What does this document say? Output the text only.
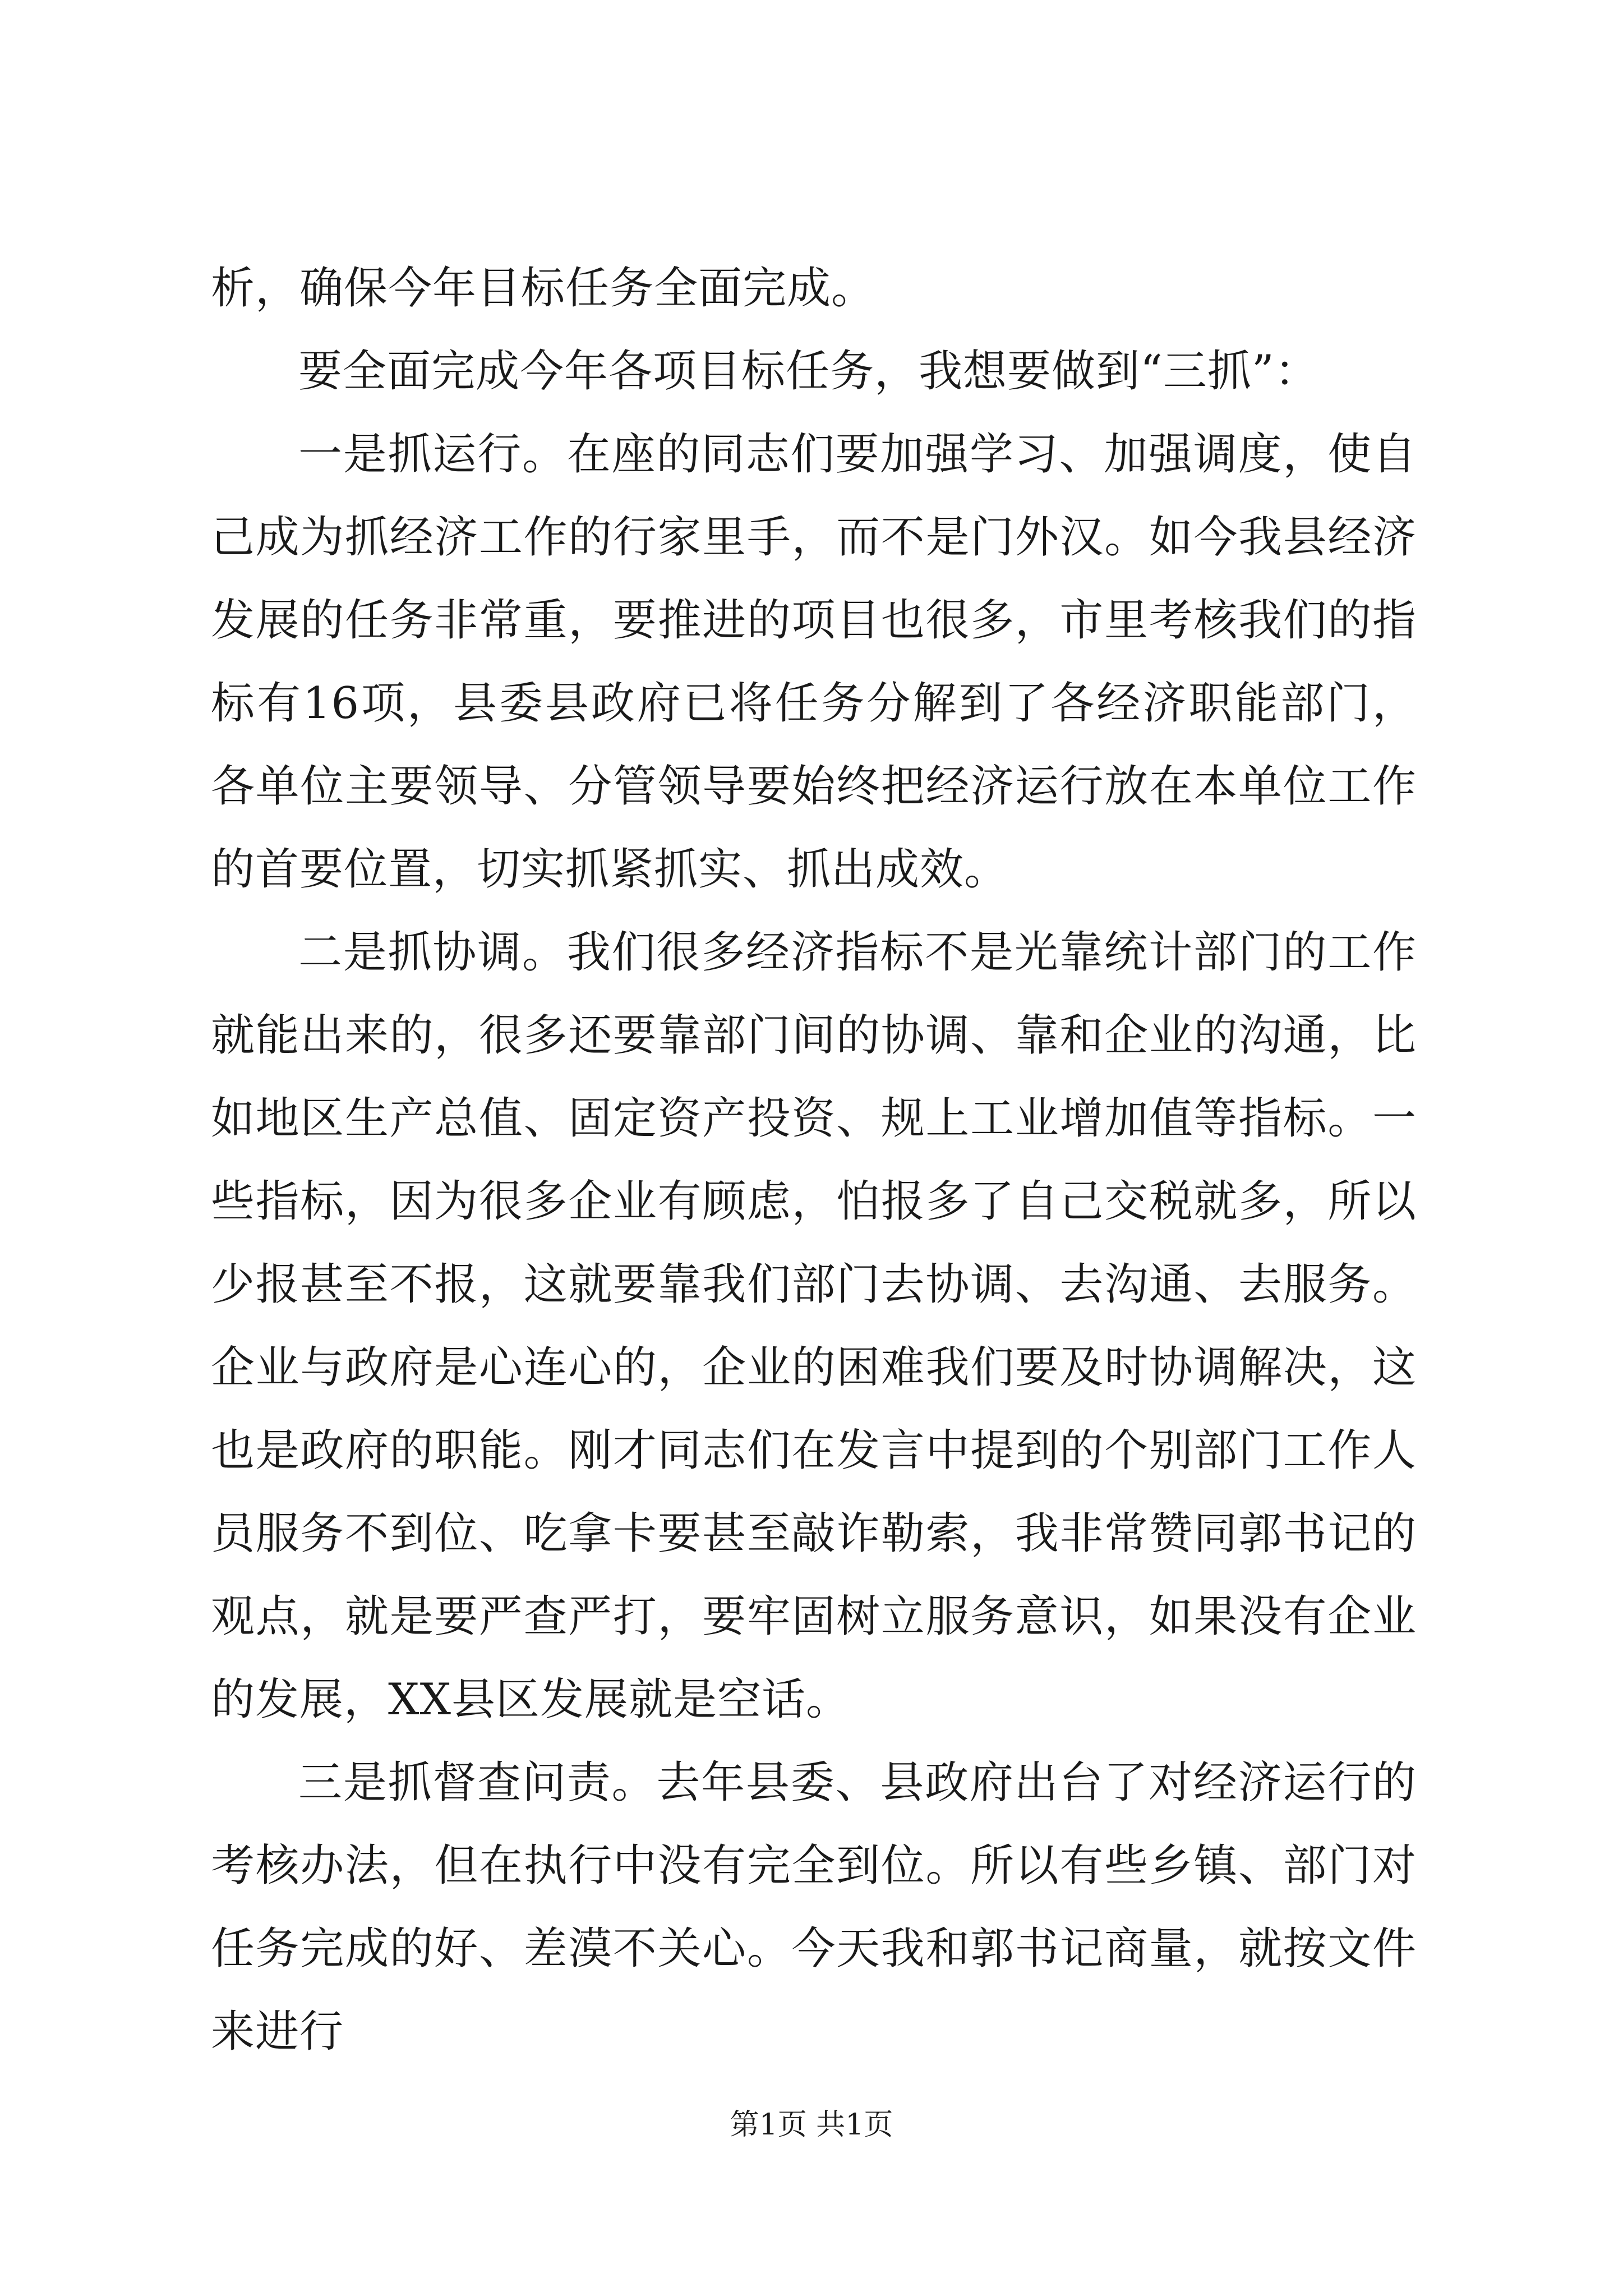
析，确保今年目标任务全面完成。

要全面完成今年各项目标任务，我想要做到“三抓”：

一是抓运行。在座的同志们要加强学习、加强调度，使自己成为抓经济工作的行家里手，而不是门外汉。如今我县经济发展的任务非常重，要推进的项目也很多，市里考核我们的指标有16项，县委县政府已将任务分解到了各经济职能部门，各单位主要领导、分管领导要始终把经济运行放在本单位工作的首要位置，切实抓紧抓实、抓出成效。

二是抓协调。我们很多经济指标不是光靠统计部门的工作就能出来的，很多还要靠部门间的协调、靠和企业的沟通，比如地区生产总值、固定资产投资、规上工业增加值等指标。一些指标，因为很多企业有顾虑，怕报多了自己交税就多，所以少报甚至不报，这就要靠我们部门去协调、去沟通、去服务。企业与政府是心连心的，企业的困难我们要及时协调解决，这也是政府的职能。刚才同志们在发言中提到的个别部门工作人员服务不到位、吃拿卡要甚至敲诈勒索，我非常赞同郭书记的观点，就是要严查严打，要牢固树立服务意识，如果没有企业的发展，XX县区发展就是空话。

三是抓督查问责。去年县委、县政府出台了对经济运行的考核办法，但在执行中没有完全到位。所以有些乡镇、部门对任务完成的好、差漠不关心。今天我和郭书记商量，就按文件来进行

第1页 共1页
